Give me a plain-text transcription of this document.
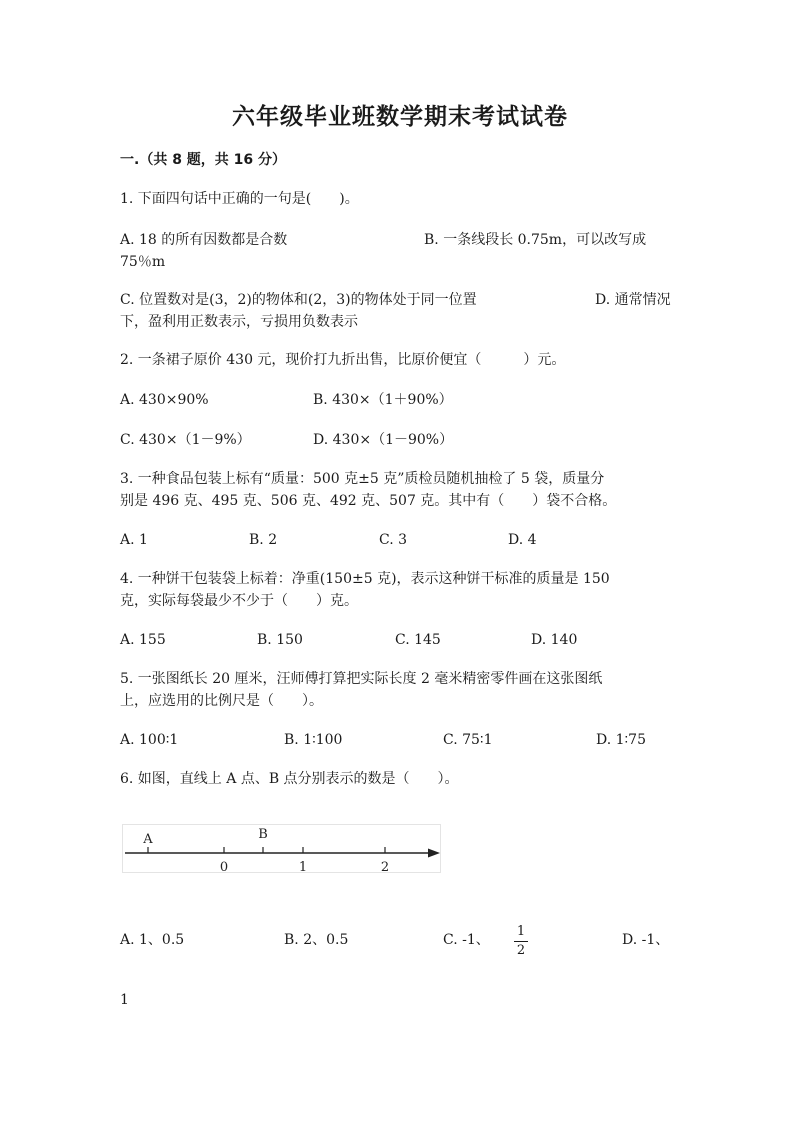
六年级毕业班数学期末考试试卷
一.（共 8 题，共 16 分）
1. 下面四句话中正确的一句是(　　)。
A. 18 的所有因数都是合数	B. 一条线段长 0.75m，可以改写成
75％m
C. 位置数对是(3，2)的物体和(2，3)的物体处于同一位置	D. 通常情况
下，盈利用正数表示，亏损用负数表示
2. 一条裙子原价 430 元，现价打九折出售，比原价便宜（　　　）元。
A. 430×90%	B. 430×（1＋90%）
C. 430×（1－9%）	D. 430×（1－90%）
3. 一种食品包装上标有“质量：500 克±5 克”质检员随机抽检了 5 袋，质量分
别是 496 克、495 克、506 克、492 克、507 克。其中有（　　）袋不合格。
A. 1	B. 2	C. 3	D. 4
4. 一种饼干包装袋上标着：净重(150±5 克)，表示这种饼干标准的质量是 150
克，实际每袋最少不少于（　　）克。
A. 155	B. 150	C. 145	D. 140
5. 一张图纸长 20 厘米，汪师傅打算把实际长度 2 毫米精密零件画在这张图纸
上，应选用的比例尺是（　　）。
A. 100∶1	B. 1∶100	C. 75∶1	D. 1∶75
6. 如图，直线上 A 点、B 点分别表示的数是（　　）。
A	B
0	1	2
A. 1、0.5	B. 2、0.5	C. -1、
1
2
D. -1、
1
